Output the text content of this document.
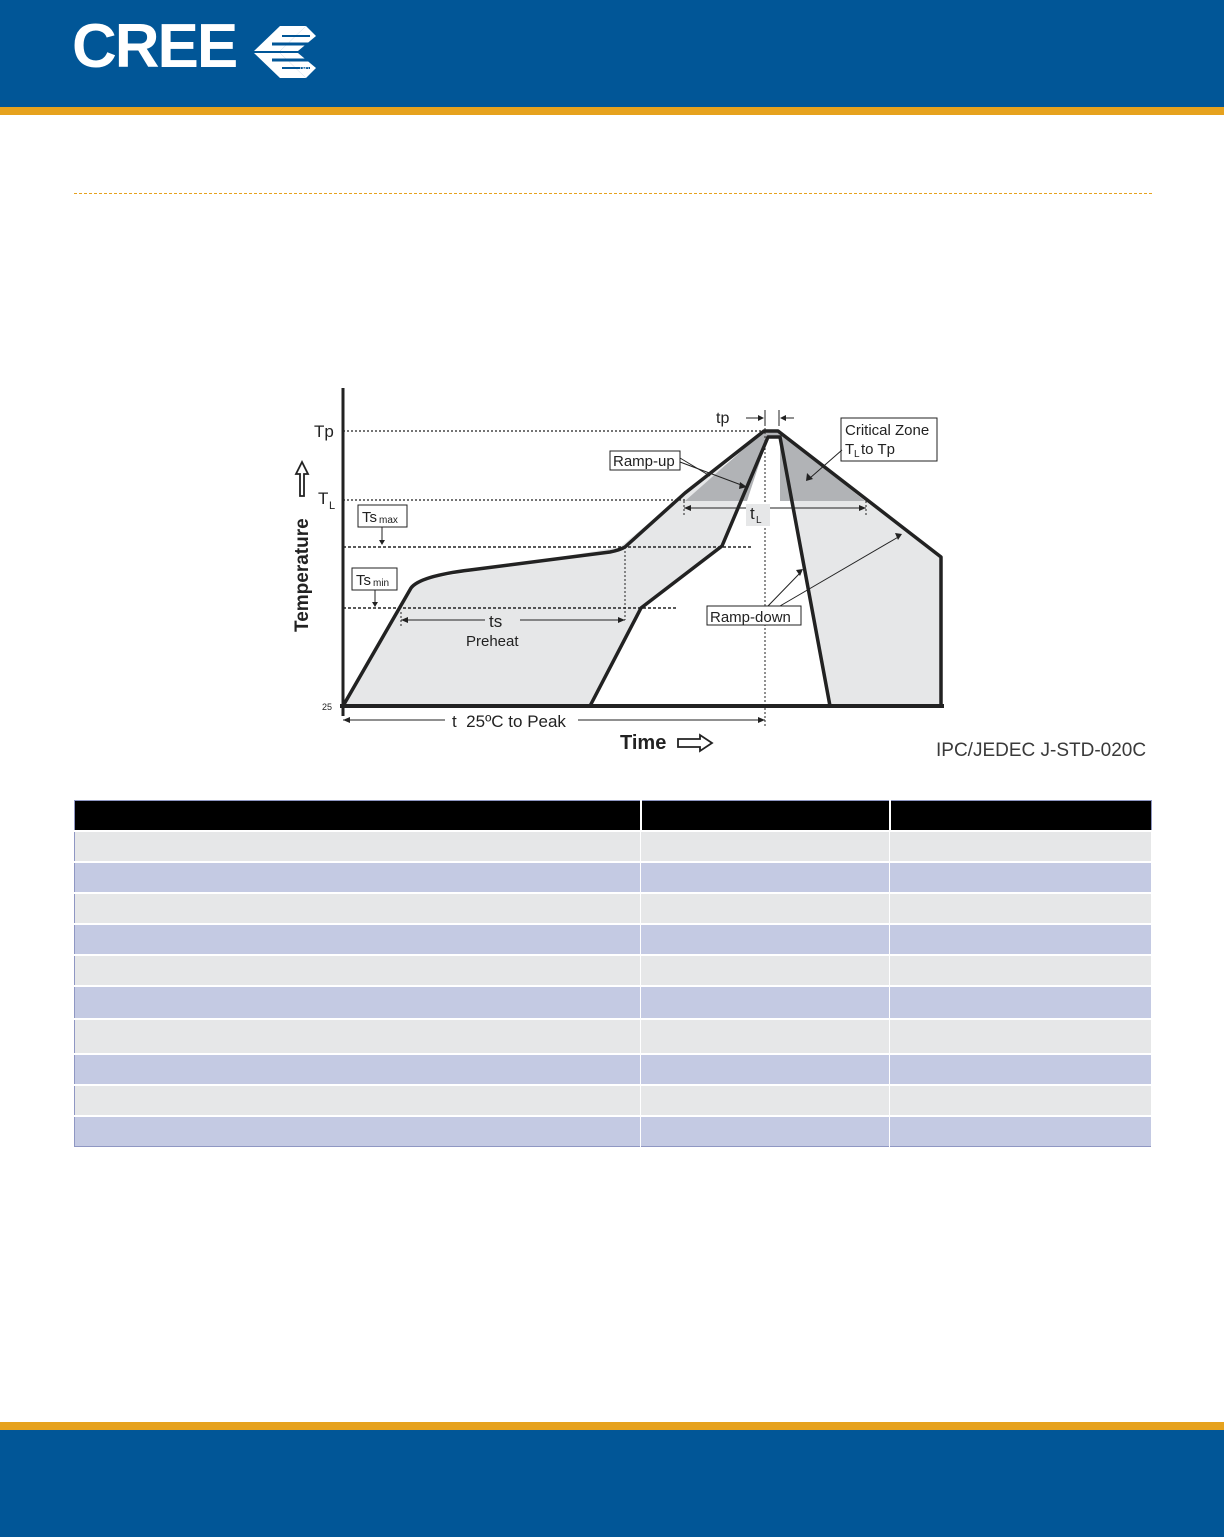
CREE	®
Temperature
Tp
T L
25
Ts max
Ts min
tp
Ramp-up
Critical Zone
T L to Tp
t L
Ramp-down
ts
Preheat
t  25ºC to Peak
Time	IPC/JEDEC J-STD-020C
